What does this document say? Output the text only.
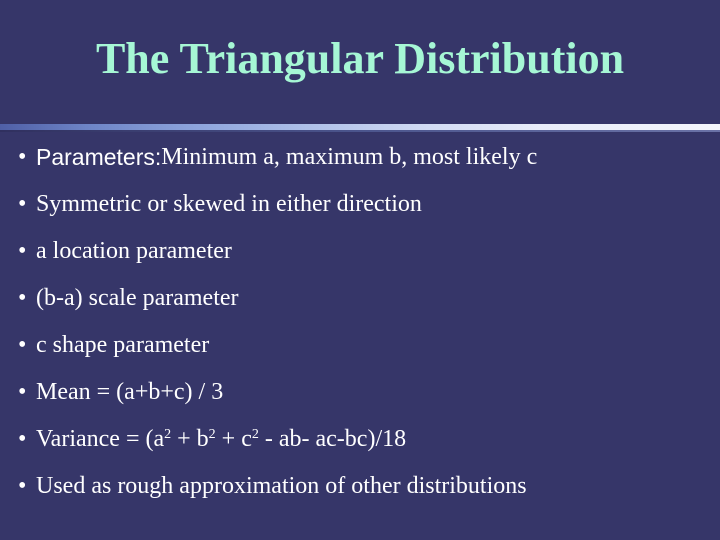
The Triangular Distribution
• Parameters: Minimum a, maximum b, most likely c
• Symmetric or skewed in either direction
• a location parameter
• (b-a) scale parameter
• c shape parameter
• Mean = (a+b+c) / 3
• Variance = ($a^2 + b^2 + c^2 - ab-$ ac-bc)/18
• Used as rough approximation of other distributions
